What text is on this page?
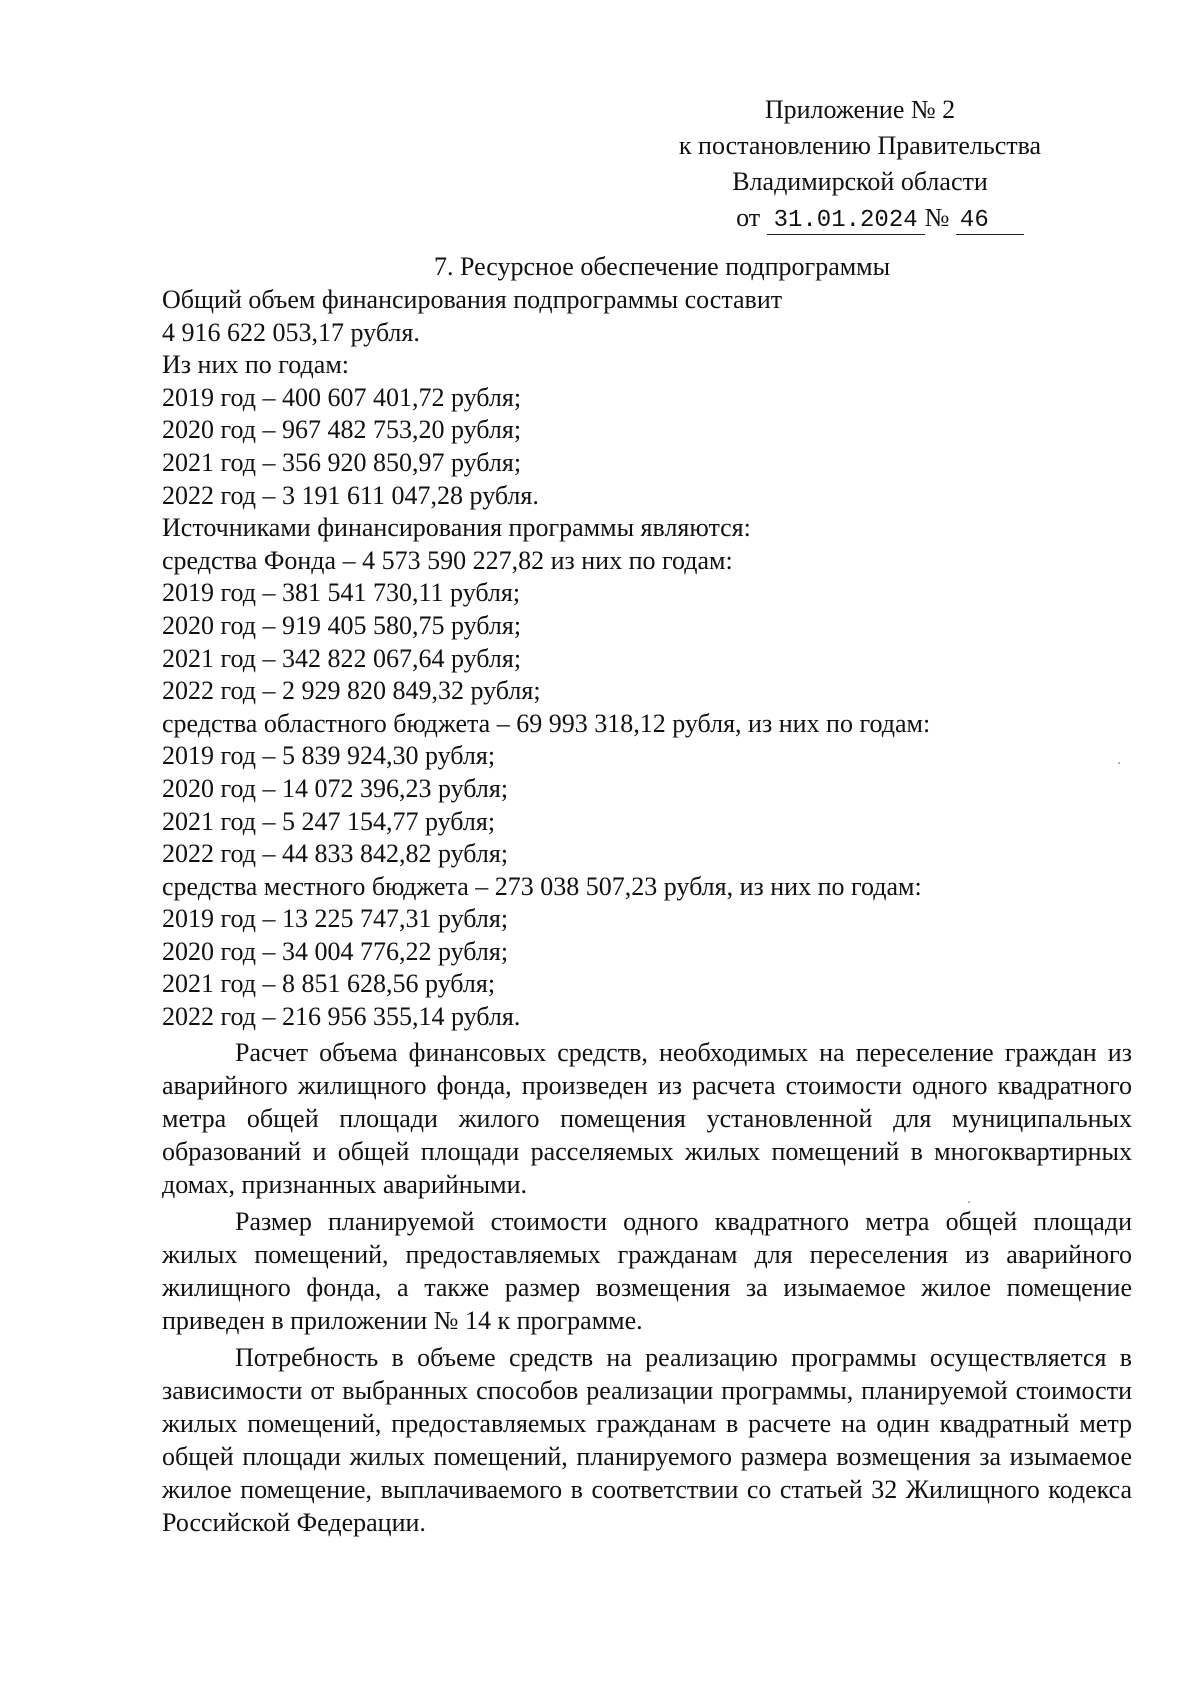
Приложение № 2
к постановлению Правительства
Владимирской области
от 31.01.2024 № 46
7. Ресурсное обеспечение подпрограммы
Общий объем финансирования подпрограммы составит
4 916 622 053,17 рубля.
Из них по годам:
2019 год – 400 607 401,72 рубля;
2020 год – 967 482 753,20 рубля;
2021 год – 356 920 850,97 рубля;
2022 год – 3 191 611 047,28 рубля.
Источниками финансирования программы являются:
средства Фонда – 4 573 590 227,82 из них по годам:
2019 год – 381 541 730,11 рубля;
2020 год – 919 405 580,75 рубля;
2021 год – 342 822 067,64 рубля;
2022 год – 2 929 820 849,32 рубля;
средства областного бюджета – 69 993 318,12 рубля, из них по годам:
2019 год – 5 839 924,30 рубля;
2020 год – 14 072 396,23 рубля;
2021 год – 5 247 154,77 рубля;
2022 год – 44 833 842,82 рубля;
средства местного бюджета – 273 038 507,23 рубля, из них по годам:
2019 год – 13 225 747,31 рубля;
2020 год – 34 004 776,22 рубля;
2021 год – 8 851 628,56 рубля;
2022 год – 216 956 355,14 рубля.

Расчет объема финансовых средств, необходимых на переселение граждан из аварийного жилищного фонда, произведен из расчета стоимости одного квадратного метра общей площади жилого помещения установленной для муниципальных образований и общей площади расселяемых жилых помещений в многоквартирных домах, признанных аварийными.

Размер планируемой стоимости одного квадратного метра общей площади жилых помещений, предоставляемых гражданам для переселения из аварийного жилищного фонда, а также размер возмещения за изымаемое жилое помещение приведен в приложении № 14 к программе.

Потребность в объеме средств на реализацию программы осуществляется в зависимости от выбранных способов реализации программы, планируемой стоимости жилых помещений, предоставляемых гражданам в расчете на один квадратный метр общей площади жилых помещений, планируемого размера возмещения за изымаемое жилое помещение, выплачиваемого в соответствии со статьей 32 Жилищного кодекса Российской Федерации.
